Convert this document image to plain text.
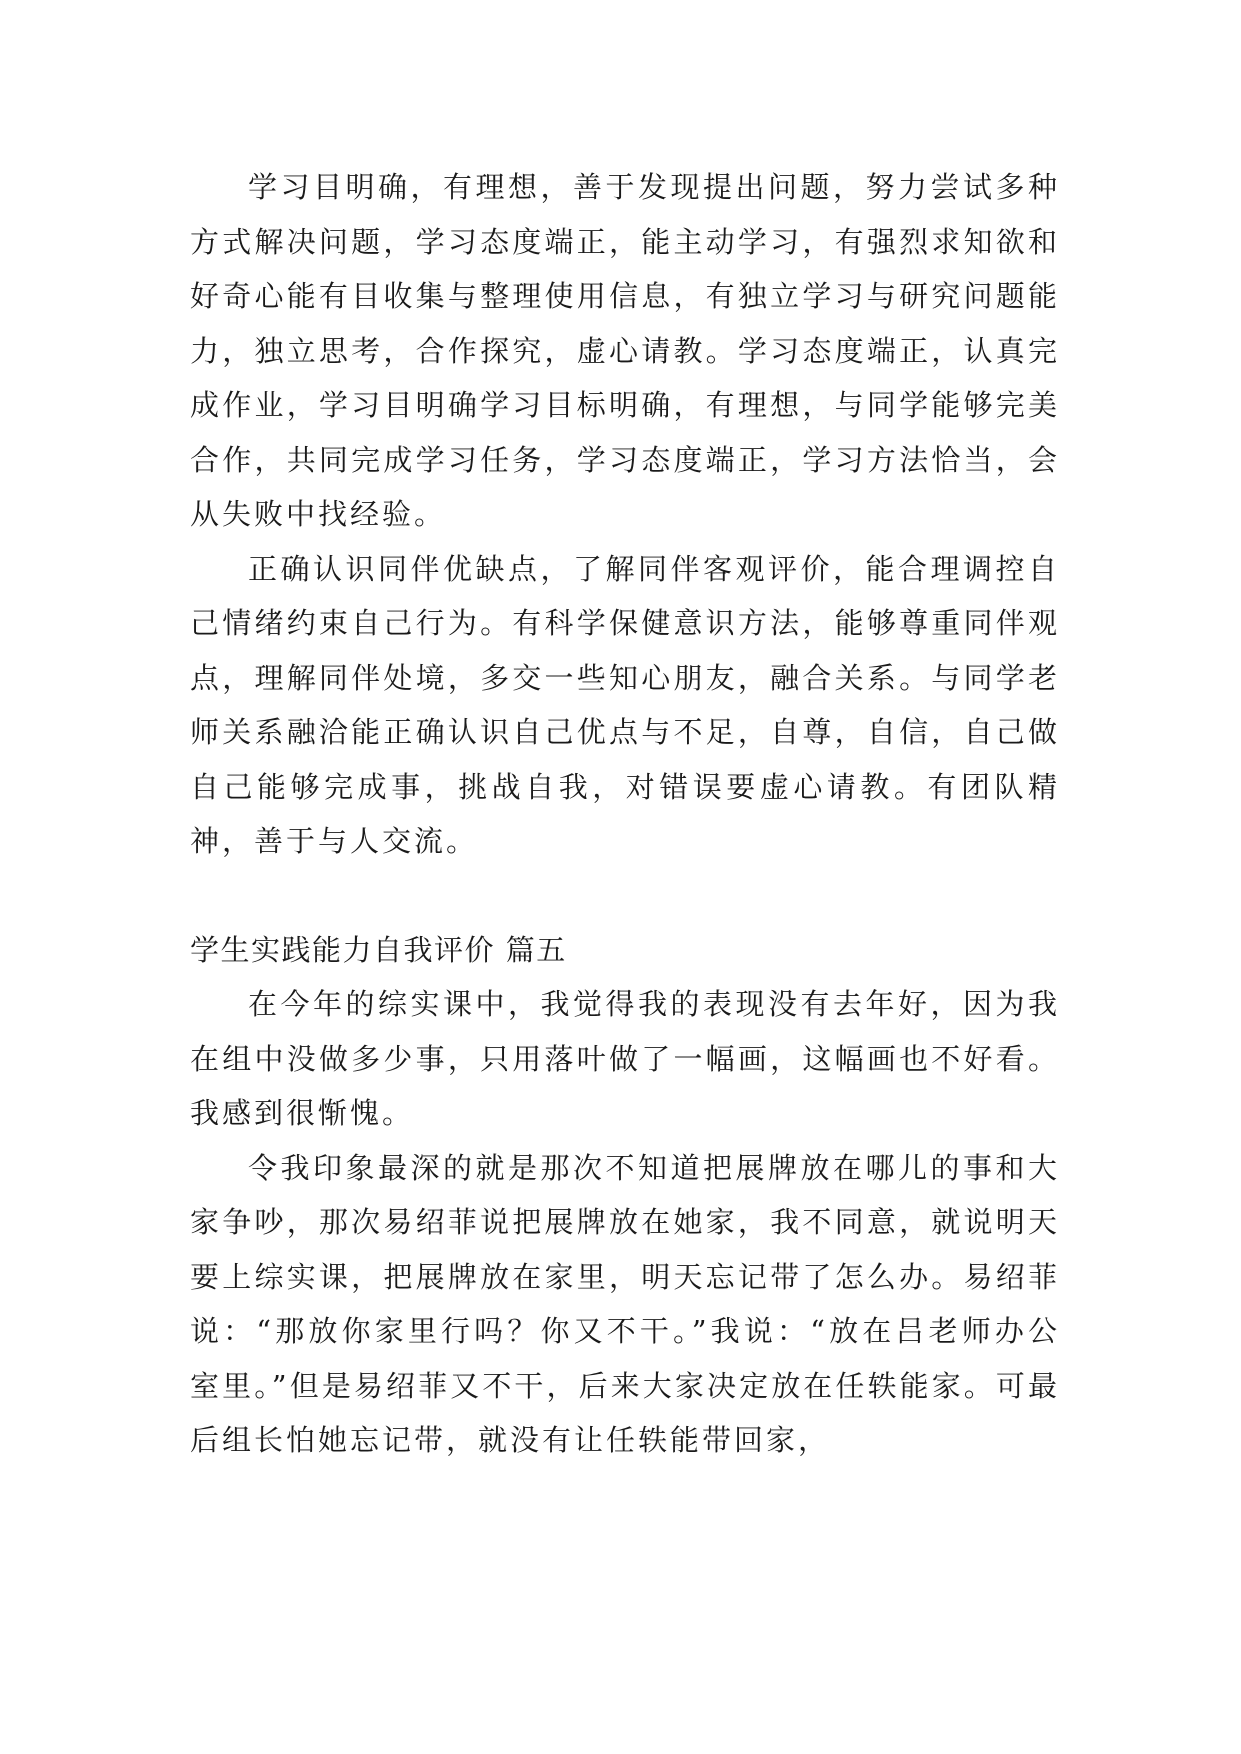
学习目明确，有理想，善于发现提出问题，努力尝试多种方式解决问题，学习态度端正，能主动学习，有强烈求知欲和好奇心能有目收集与整理使用信息，有独立学习与研究问题能力，独立思考，合作探究，虚心请教。学习态度端正，认真完成作业，学习目明确学习目标明确，有理想，与同学能够完美合作，共同完成学习任务，学习态度端正，学习方法恰当，会从失败中找经验。

正确认识同伴优缺点，了解同伴客观评价，能合理调控自己情绪约束自己行为。有科学保健意识方法，能够尊重同伴观点，理解同伴处境，多交一些知心朋友，融合关系。与同学老师关系融洽能正确认识自己优点与不足，自尊，自信，自己做自己能够完成事，挑战自我，对错误要虚心请教。有团队精神，善于与人交流。

学生实践能力自我评价 篇五

在今年的综实课中，我觉得我的表现没有去年好，因为我在组中没做多少事，只用落叶做了一幅画，这幅画也不好看。我感到很惭愧。

令我印象最深的就是那次不知道把展牌放在哪儿的事和大家争吵，那次易绍菲说把展牌放在她家，我不同意，就说明天要上综实课，把展牌放在家里，明天忘记带了怎么办。易绍菲说：“那放你家里行吗？你又不干。”我说：“放在吕老师办公室里。”但是易绍菲又不干，后来大家决定放在任轶能家。可最后组长怕她忘记带，就没有让任轶能带回家，
